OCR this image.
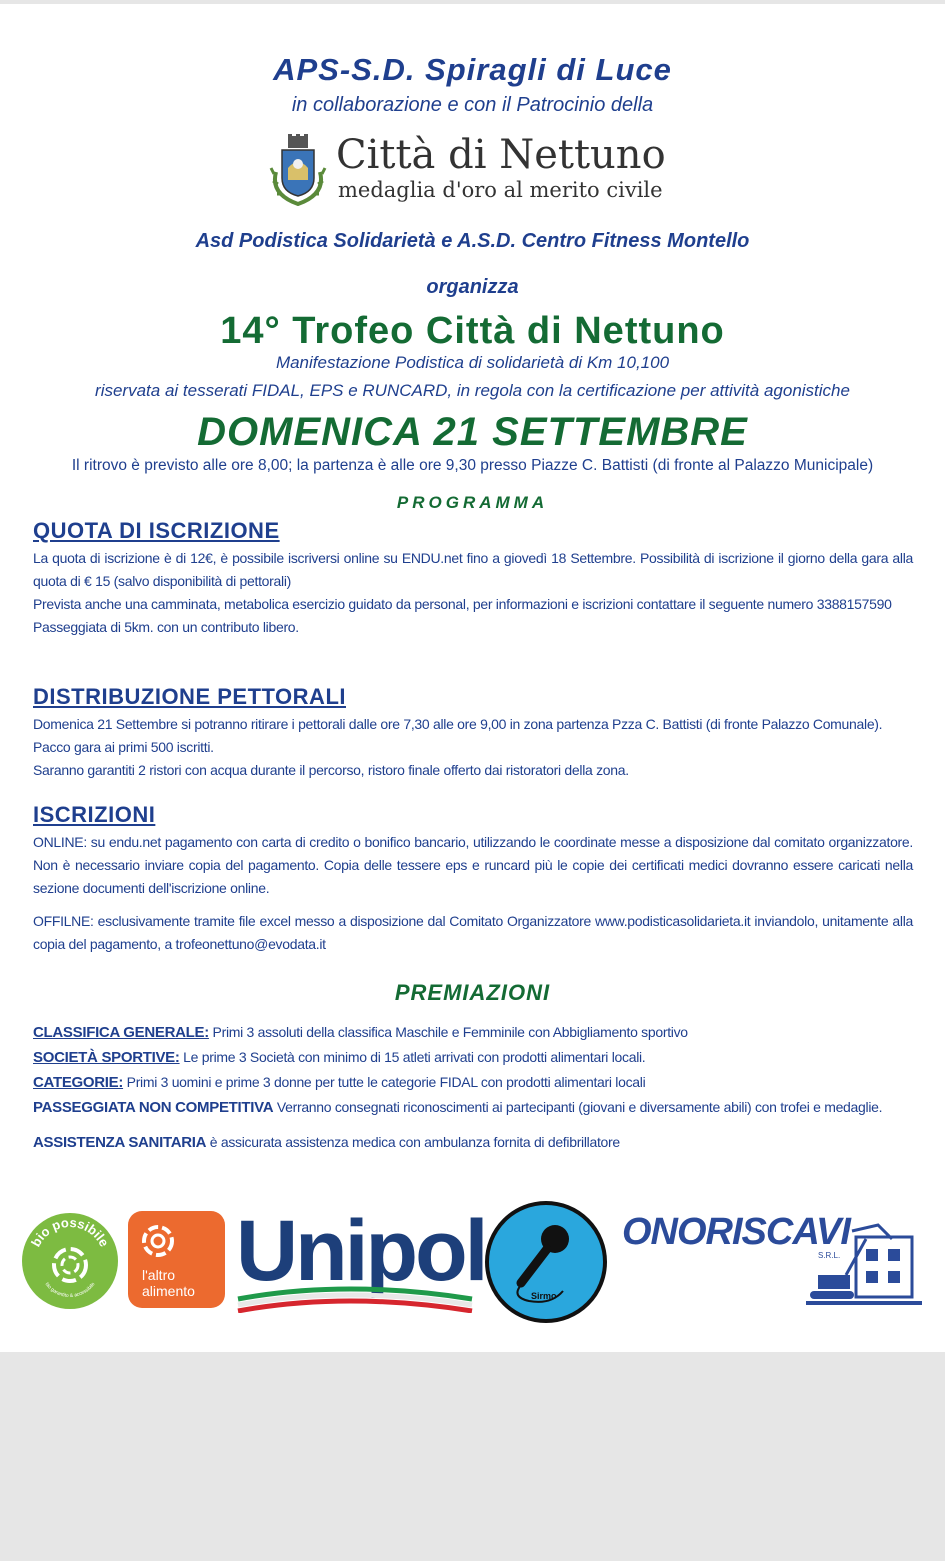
APS-S.D. Spiragli di Luce
in collaborazione e con il Patrocinio della
Città di Nettuno
medaglia d'oro al merito civile
Asd Podistica Solidarietà e A.S.D. Centro Fitness Montello
organizza
14° Trofeo Città di Nettuno
Manifestazione Podistica di solidarietà di Km 10,100
riservata ai tesserati FIDAL, EPS e RUNCARD, in regola con la certificazione per attività agonistiche
DOMENICA 21 SETTEMBRE
Il ritrovo è previsto alle ore 8,00; la partenza è alle ore 9,30 presso Piazze C. Battisti (di fronte al Palazzo Municipale)
PROGRAMMA
QUOTA DI ISCRIZIONE

La quota di iscrizione è di 12€, è possibile iscriversi online su ENDU.net fino a giovedì 18 Settembre. Possibilità di iscrizione il giorno della gara alla quota di € 15 (salvo disponibilità di pettorali)

Prevista anche una camminata, metabolica esercizio guidato da personal, per informazioni e iscrizioni contattare il seguente numero 3388157590

Passeggiata di 5km. con un contributo libero.

DISTRIBUZIONE PETTORALI

Domenica 21 Settembre si potranno ritirare i pettorali dalle ore 7,30 alle ore 9,00 in zona partenza Pzza C. Battisti (di fronte Palazzo Comunale).

Pacco gara ai primi 500 iscritti.

Saranno garantiti 2 ristori con acqua durante il percorso, ristoro finale offerto dai ristoratori della zona.

ISCRIZIONI

ONLINE: su endu.net pagamento con carta di credito o bonifico bancario, utilizzando le coordinate messe a disposizione dal comitato organizzatore. Non è necessario inviare copia del pagamento. Copia delle tessere eps e runcard più le copie dei certificati medici dovranno essere caricati nella sezione documenti dell'iscrizione online.

OFFILNE: esclusivamente tramite file excel messo a disposizione dal Comitato Organizzatore www.podisticasolidarieta.it inviandolo, unitamente alla copia del pagamento, a trofeonettuno@evodata.it

PREMIAZIONI
CLASSIFICA GENERALE: Primi 3 assoluti della classifica Maschile e Femminile con Abbigliamento sportivo
SOCIETÀ SPORTIVE: Le prime 3 Società con minimo di 15 atleti arrivati con prodotti alimentari locali.
CATEGORIE: Primi 3 uomini e prime 3 donne per tutte le categorie FIDAL con prodotti alimentari locali
PASSEGGIATA NON COMPETITIVA Verranno consegnati riconoscimenti ai partecipanti (giovani e diversamente abili) con trofei e medaglie.
ASSISTENZA SANITARIA è assicurata assistenza medica con ambulanza fornita di defibrillatore
bio possibile
bio garantito & accessibile
l'altro
alimento Unipol	Sirmo
ONORISCAVI
S.R.L.
